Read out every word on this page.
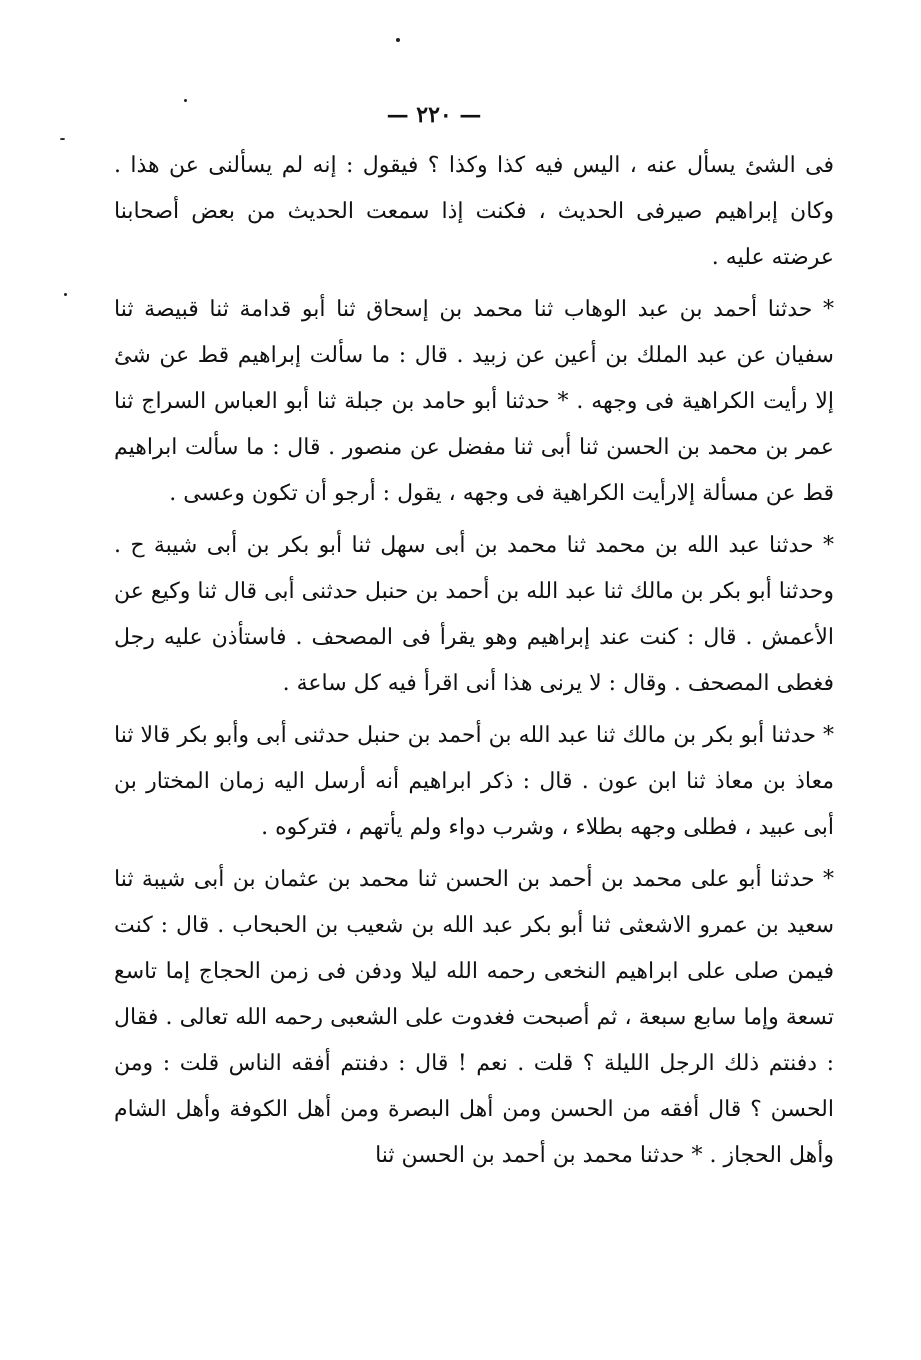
— ٢٢٠ —

فى الشئ يسأل عنه ، اليس فيه كذا وكذا ؟ فيقول : إنه لم يسألنى عن هذا . وكان إبراهيم صيرفى الحديث ، فكنت إذا سمعت الحديث من بعض أصحابنا عرضته عليه .

* حدثنا أحمد بن عبد الوهاب ثنا محمد بن إسحاق ثنا أبو قدامة ثنا قبيصة ثنا سفيان عن عبد الملك بن أعين عن زبيد . قال : ما سألت إبراهيم قط عن شئ إلا رأيت الكراهية فى وجهه . * حدثنا أبو حامد بن جبلة ثنا أبو العباس السراج ثنا عمر بن محمد بن الحسن ثنا أبى ثنا مفضل عن منصور . قال : ما سألت ابراهيم قط عن مسألة إلارأيت الكراهية فى وجهه ، يقول : أرجو أن تكون وعسى .

* حدثنا عبد الله بن محمد ثنا محمد بن أبى سهل ثنا أبو بكر بن أبى شيبة ح . وحدثنا أبو بكر بن مالك ثنا عبد الله بن أحمد بن حنبل حدثنى أبى قال ثنا وكيع عن الأعمش . قال : كنت عند إبراهيم وهو يقرأ فى المصحف . فاستأذن عليه رجل فغطى المصحف . وقال : لا يرنى هذا أنى اقرأ فيه كل ساعة .

* حدثنا أبو بكر بن مالك ثنا عبد الله بن أحمد بن حنبل حدثنى أبى وأبو بكر قالا ثنا معاذ بن معاذ ثنا ابن عون . قال : ذكر ابراهيم أنه أرسل اليه زمان المختار بن أبى عبيد ، فطلى وجهه بطلاء ، وشرب دواء ولم يأتهم ، فتركوه .

* حدثنا أبو على محمد بن أحمد بن الحسن ثنا محمد بن عثمان بن أبى شيبة ثنا سعيد بن عمرو الاشعثى ثنا أبو بكر عبد الله بن شعيب بن الحبحاب . قال : كنت فيمن صلى على ابراهيم النخعى رحمه الله ليلا ودفن فى زمن الحجاج إما تاسع تسعة وإما سابع سبعة ، ثم أصبحت فغدوت على الشعبى رحمه الله تعالى . فقال : دفنتم ذلك الرجل الليلة ؟ قلت . نعم ! قال : دفنتم أفقه الناس قلت : ومن الحسن ؟ قال أفقه من الحسن ومن أهل البصرة ومن أهل الكوفة وأهل الشام وأهل الحجاز . * حدثنا محمد بن أحمد بن الحسن ثنا
